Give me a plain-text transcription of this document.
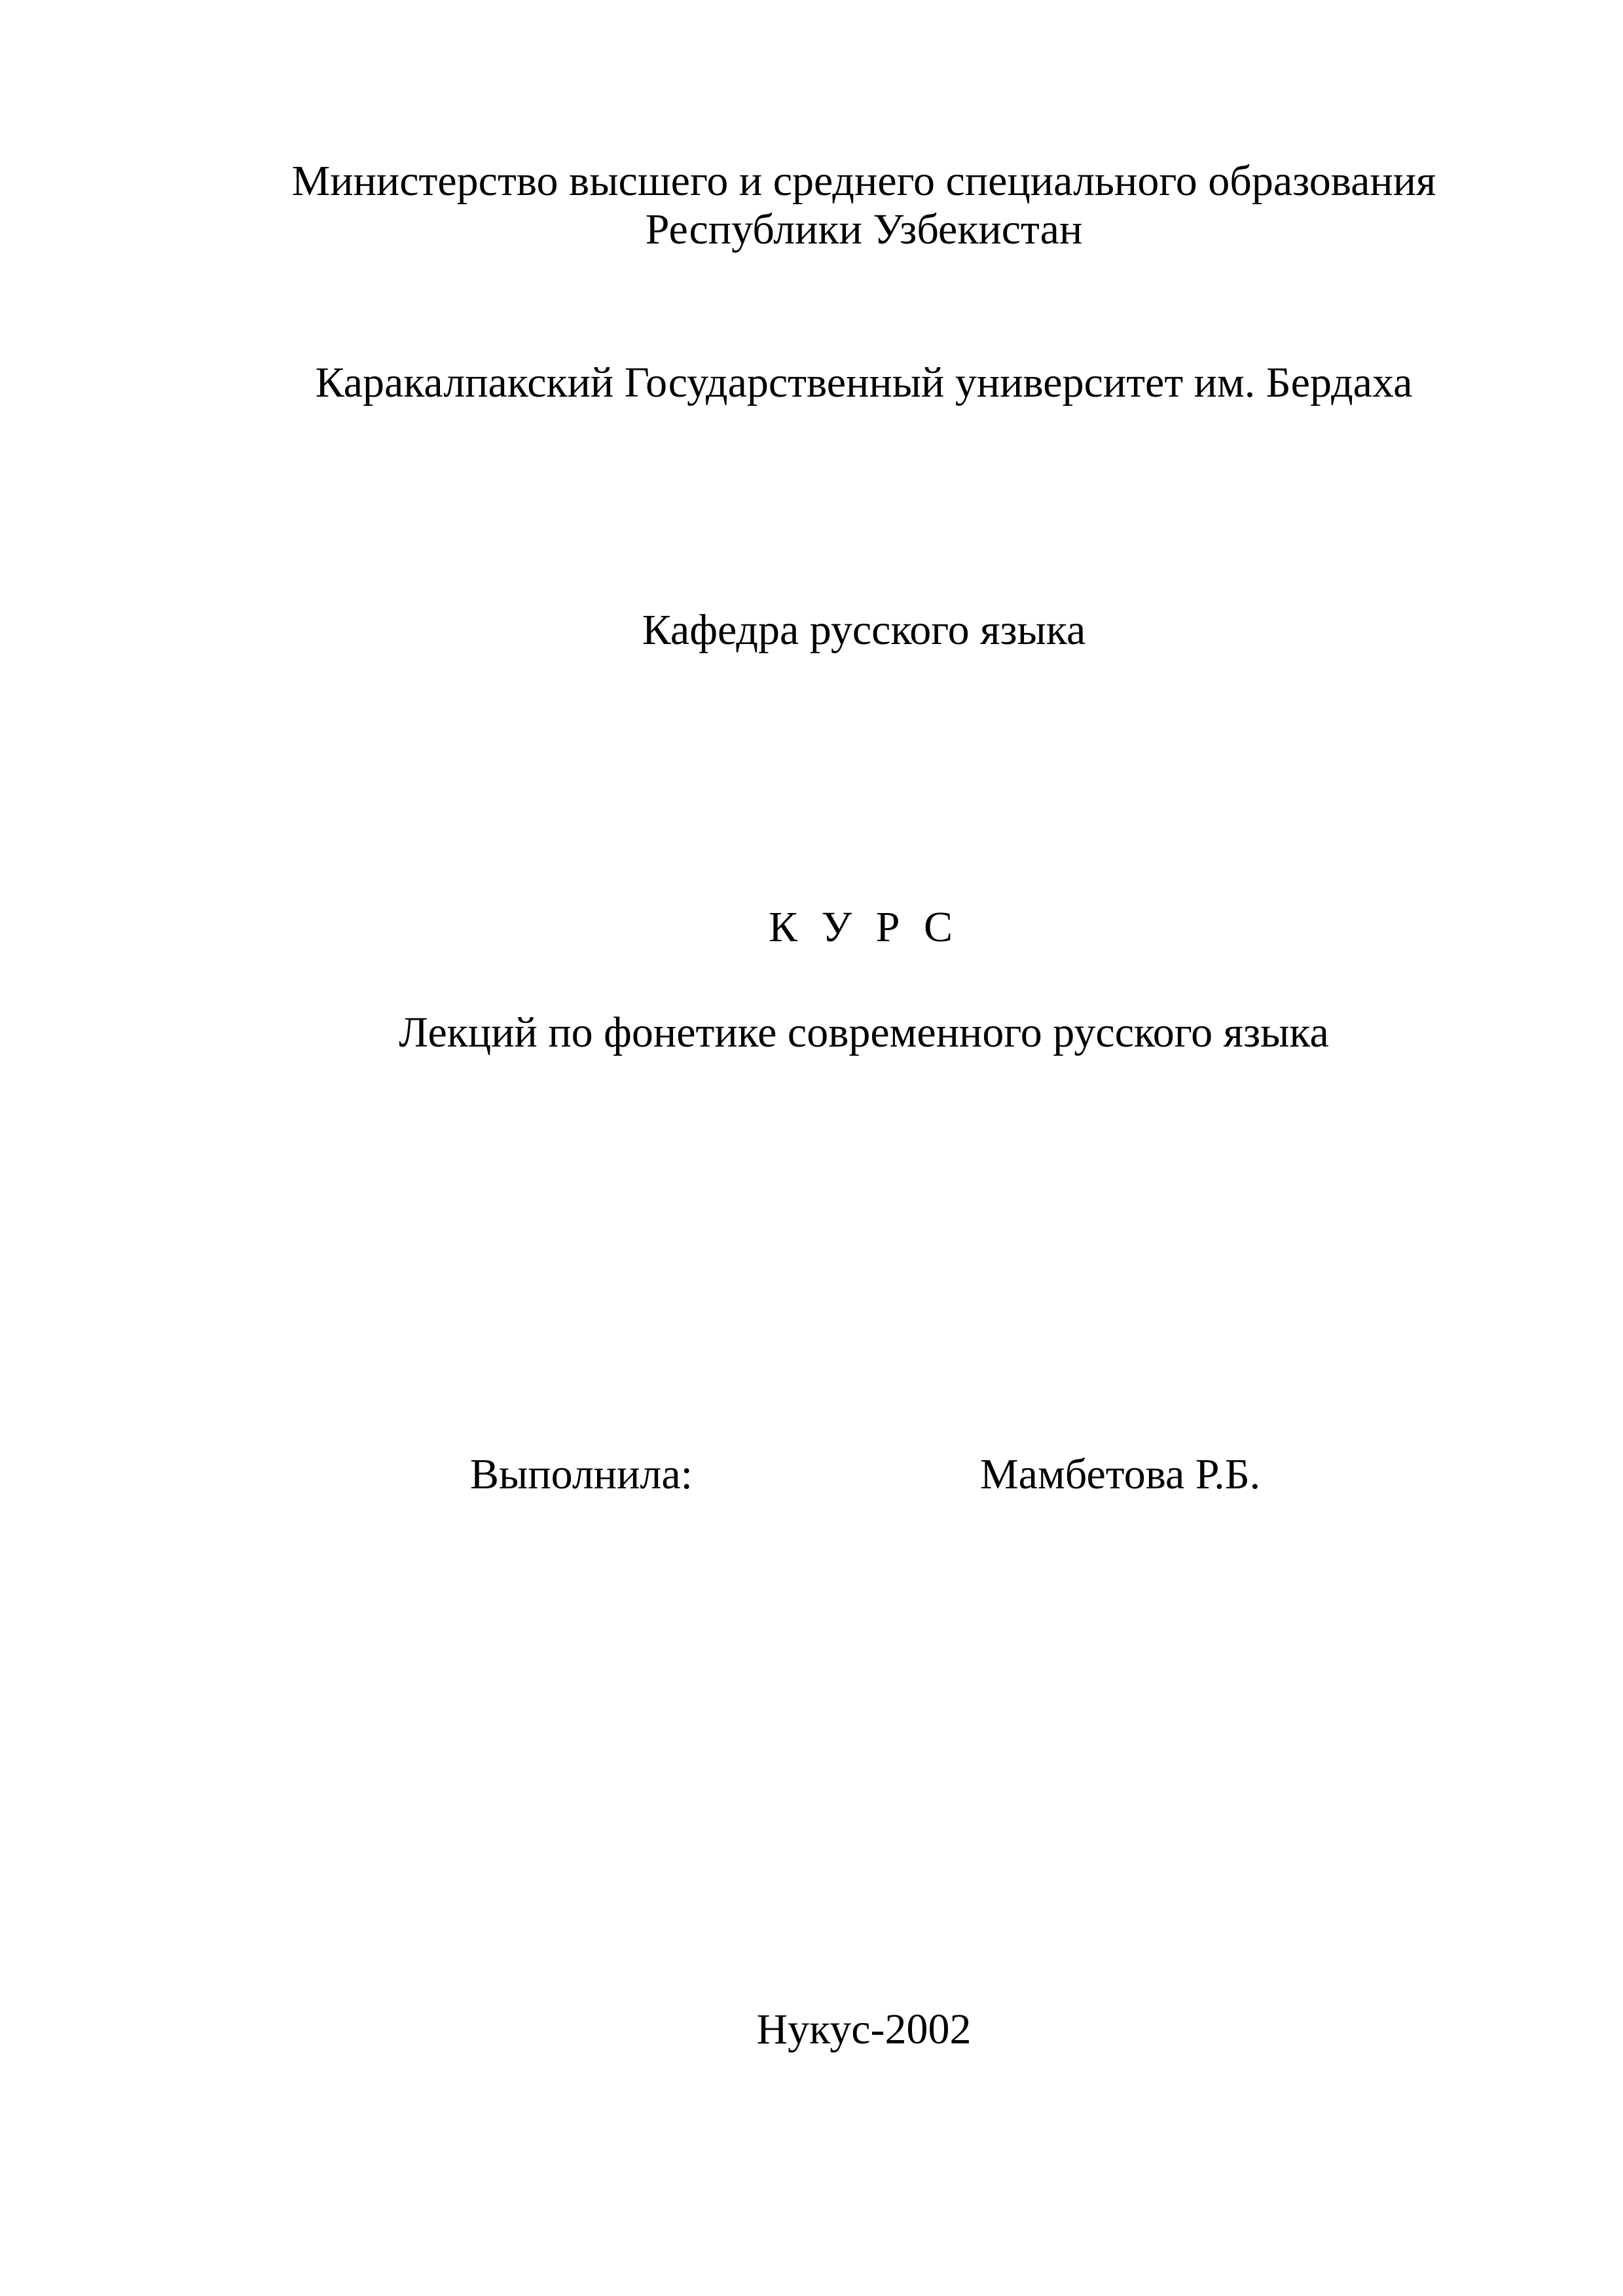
Министерство высшего и среднего специального образования
Республики Узбекистан
Каракалпакский Государственный университет им. Бердаха
Кафедра русского языка
К У Р С
Лекций по фонетике современного русского языка
Выполнила:	Мамбетова Р.Б.
Нукус-2002
